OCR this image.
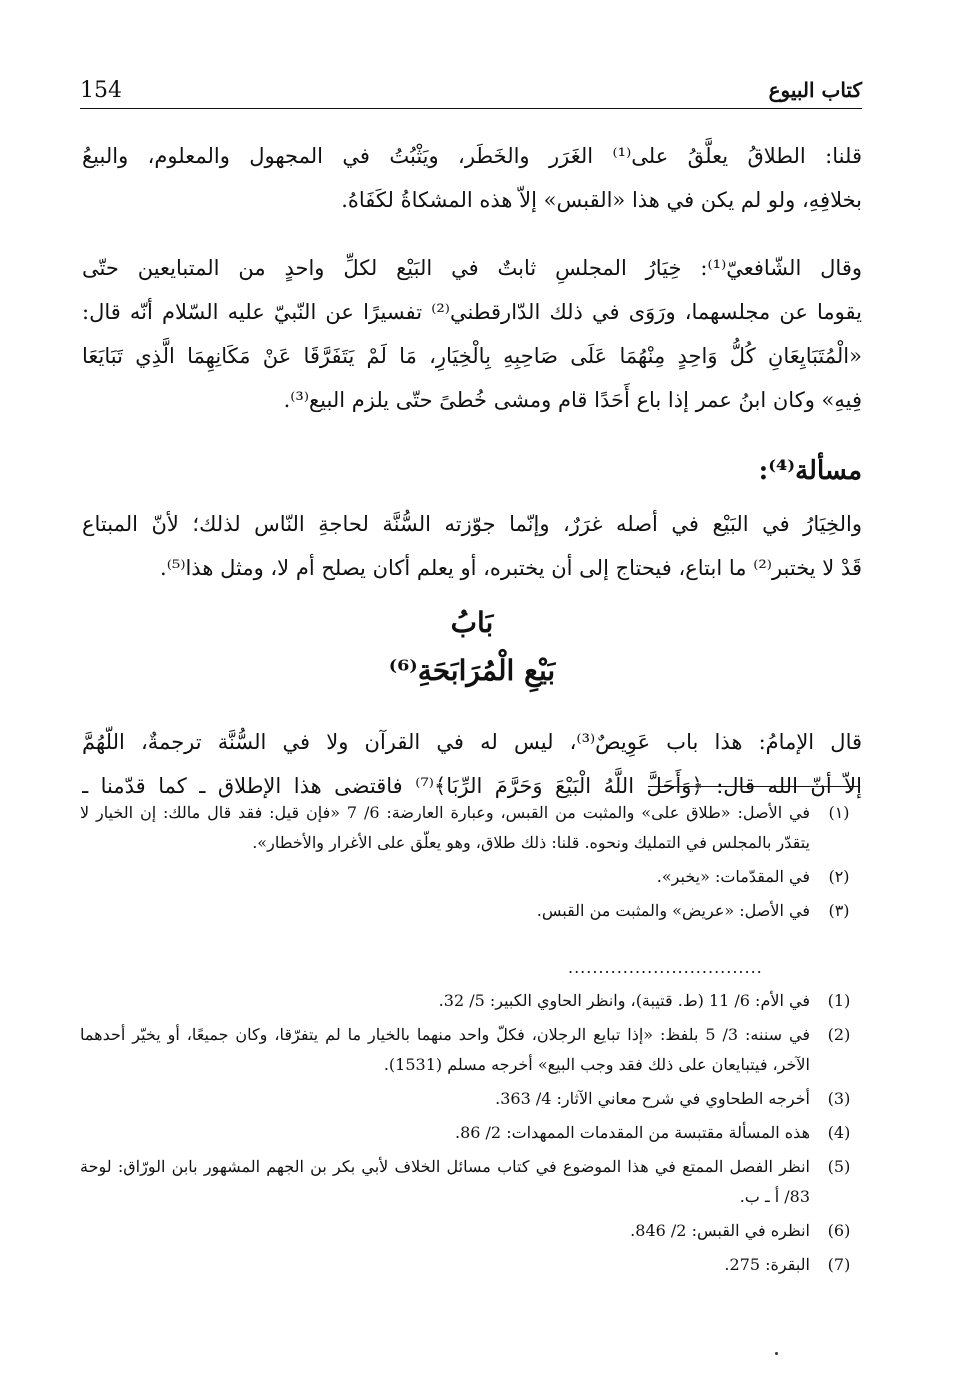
154	كتاب البيوع
قلنا: الطلاقُ يعلَّقُ على⁽¹⁾ الغَرَر والخَطَر، ويَثْبُتُ في المجهول والمعلوم، والبيعُ
بخلافِهِ، ولو لم يكن في هذا «القبس» إلاّ هذه المشكاةُ لكَفَاهُ.
وقال الشّافعيّ⁽¹⁾: خِيَارُ المجلسِ ثابتٌ في البَيْع لكلِّ واحدٍ من المتبايعين حتّى
يقوما عن مجلسهما، ورَوَى في ذلك الدّارقطني⁽²⁾ تفسيرًا عن النّبيّ عليه السّلام أنّه قال:
«الْمُتَبَايِعَانِ كُلُّ وَاحِدٍ مِنْهُمَا عَلَى صَاحِبِهِ بِالْخِيَارِ، مَا لَمْ يَتَفَرَّقَا عَنْ مَكَانِهِمَا الَّذِي تَبَايَعَا
فِيهِ» وكان ابنُ عمر إذا باع أَحَدًا قام ومشى خُطىً حتّى يلزم البيع⁽³⁾.
مسألة⁽⁴⁾:
والخِيَارُ في البَيْع في أصله غرَرٌ، وإنّما جوّزته السُّنَّة لحاجةِ النّاس لذلك؛ لأنّ المبتاع
قَدْ لا يختبر⁽²⁾ ما ابتاع، فيحتاج إلى أن يختبره، أو يعلم أكان يصلح أم لا، ومثل هذا⁽⁵⁾.
بَابُ
بَيْعِ الْمُرَابَحَةِ⁽⁶⁾
قال الإمامُ: هذا باب عَوِيصٌ⁽³⁾، ليس له في القرآن ولا في السُّنَّة ترجمةٌ، اللّهُمَّ
إلاّ أنّ الله قال: ﴿وَأَحَلَّ اللَّهُ الْبَيْعَ وَحَرَّمَ الرِّبَا﴾⁽⁷⁾ فاقتضى هذا الإطلاق ـ كما قدّمنا ـ
(١)
في الأصل: «طلاق على» والمثبت من القبس، وعبارة العارضة: 6/ 7 «فإن قيل: فقد قال مالك: إن الخيار لا يتقدّر بالمجلس في التمليك ونحوه. قلنا: ذلك طلاق، وهو يعلّق على الأغرار والأخطار».
(٢)
في المقدّمات: «يخبر».
(٣)
في الأصل: «عريض» والمثبت من القبس.
................................
(1)
في الأم: 6/ 11 (ط. قتيبة)، وانظر الحاوي الكبير: 5/ 32.
(2)
في سننه: 3/ 5 بلفظ: «إذا تبايع الرجلان، فكلّ واحد منهما بالخيار ما لم يتفرّقا، وكان جميعًا، أو يخيّر أحدهما الآخر، فيتبايعان على ذلك فقد وجب البيع» أخرجه مسلم (1531).
(3)
أخرجه الطحاوي في شرح معاني الآثار: 4/ 363.
(4)
هذه المسألة مقتبسة من المقدمات الممهدات: 2/ 86.
(5)
انظر الفصل الممتع في هذا الموضوع في كتاب مسائل الخلاف لأبي بكر بن الجهم المشهور بابن الورّاق: لوحة 83/ أ ـ ب.
(6)
انظره في القبس: 2/ 846.
(7)
البقرة: 275.
